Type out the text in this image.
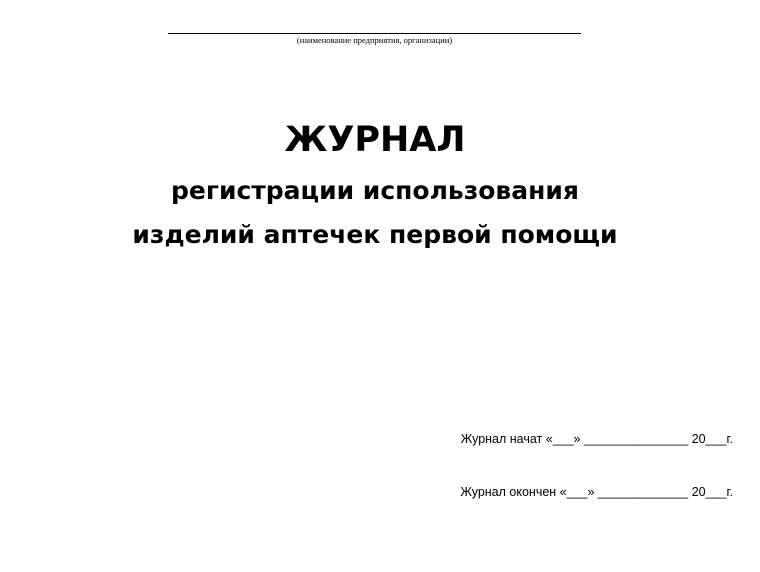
(наименование предприятия, организации)
ЖУРНАЛ
регистрации использования
изделий аптечек первой помощи
Журнал начат «___» _______________ 20___г.
Журнал окончен «___» _____________ 20___г.
